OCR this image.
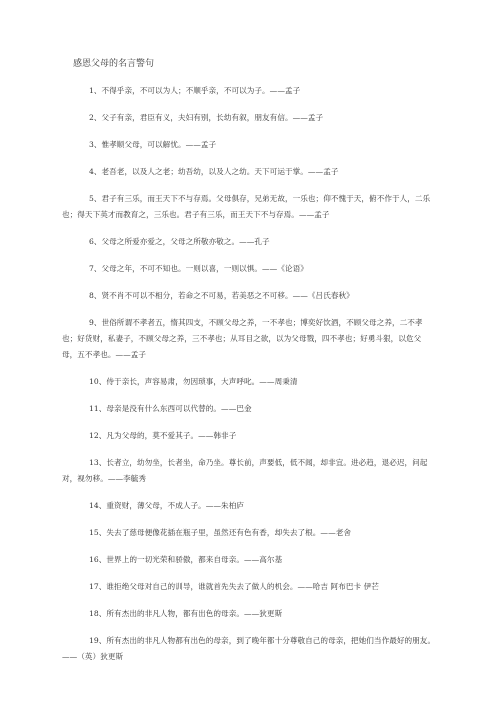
感恩父母的名言警句

1、不得乎亲，不可以为人；不顺乎亲，不可以为子。——孟子

2、父子有亲，君臣有义，夫妇有别，长幼有叙，朋友有信。——孟子

3、惟孝顺父母，可以解忧。——孟子

4、老吾老，以及人之老；幼吾幼，以及人之幼。天下可运于掌。——孟子

5、君子有三乐，而王天下不与存焉。父母俱存，兄弟无故，一乐也；仰不愧于天，俯不作于人，二乐也；得天下英才而教育之，三乐也。君子有三乐，而王天下不与存焉。——孟子

6、父母之所爱亦爱之，父母之所敬亦敬之。——孔子

7、父母之年，不可不知也。一则以喜，一则以惧。——《论语》

8、贤不肖不可以不相分，若命之不可易，若美恶之不可移。——《吕氏春秋》

9、世俗所谓不孝者五，惰其四支，不顾父母之养，一不孝也；博奕好饮酒，不顾父母之养，二不孝也；好货财，私妻子，不顾父母之养，三不孝也；从耳目之欲，以为父母戮，四不孝也；好勇斗狠，以危父母，五不孝也。——孟子

10、侍于亲长，声容易肃，勿因琐事，大声呼叱。——周秉清

11、母亲是没有什么东西可以代替的。——巴金

12、凡为父母的，莫不爱其子。——韩非子

13、长者立，幼勿坐，长者坐，命乃坐。尊长前，声要低，低不闻，却非宜。进必趋，退必迟，问起对，视勿移。——李毓秀

14、重资财，薄父母，不成人子。——朱柏庐

15、失去了慈母便像花插在瓶子里，虽然还有色有香，却失去了根。——老舍

16、世界上的一切光荣和骄傲，都来自母亲。——高尔基

17、谁拒绝父母对自己的训导，谁就首先失去了做人的机会。——哈吉 阿布巴卡 伊芒

18、所有杰出的非凡人物，都有出色的母亲。——狄更斯

19、所有杰出的非凡人物都有出色的母亲，到了晚年都十分尊敬自己的母亲，把她们当作最好的朋友。——（英）狄更斯
